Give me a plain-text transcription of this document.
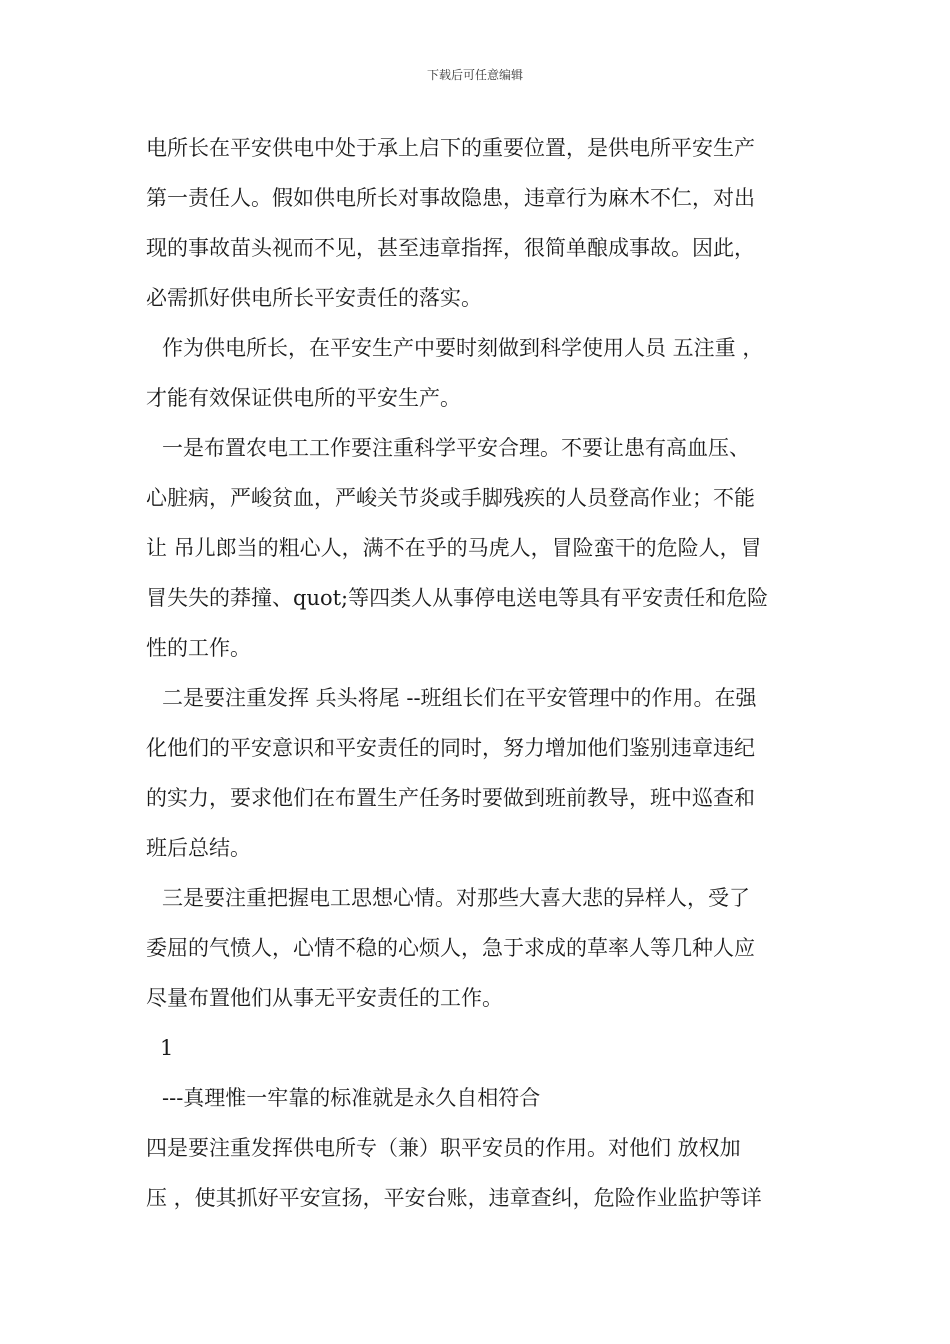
下载后可任意编辑
电所长在平安供电中处于承上启下的重要位置，是供电所平安生产
第一责任人。假如供电所长对事故隐患，违章行为麻木不仁，对出
现的事故苗头视而不见，甚至违章指挥，很简单酿成事故。因此，
必需抓好供电所长平安责任的落实。
作为供电所长，在平安生产中要时刻做到科学使用人员 五注重 ，
才能有效保证供电所的平安生产。
一是布置农电工工作要注重科学平安合理。不要让患有高血压、
心脏病，严峻贫血，严峻关节炎或手脚残疾的人员登高作业；不能
让 吊儿郎当的粗心人，满不在乎的马虎人，冒险蛮干的危险人，冒
冒失失的莽撞、quot;等四类人从事停电送电等具有平安责任和危险
性的工作。
二是要注重发挥 兵头将尾 --班组长们在平安管理中的作用。在强
化他们的平安意识和平安责任的同时，努力增加他们鉴别违章违纪
的实力，要求他们在布置生产任务时要做到班前教导，班中巡查和
班后总结。
三是要注重把握电工思想心情。对那些大喜大悲的异样人，受了
委屈的气愤人，心情不稳的心烦人，急于求成的草率人等几种人应
尽量布置他们从事无平安责任的工作。
1
---真理惟一牢靠的标准就是永久自相符合
四是要注重发挥供电所专（兼）职平安员的作用。对他们 放权加
压 ，使其抓好平安宣扬，平安台账，违章查纠，危险作业监护等详
